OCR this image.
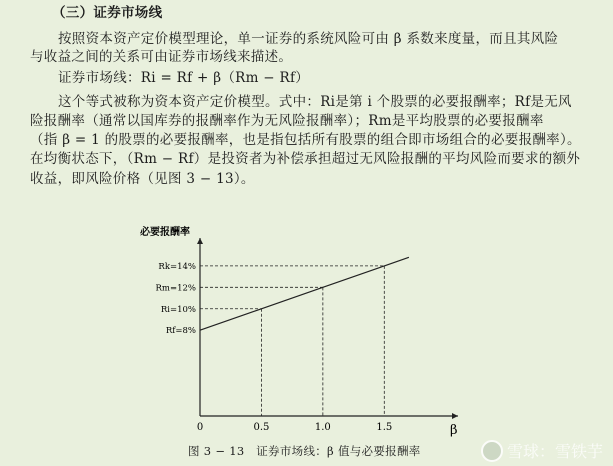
（三）证券市场线
按照资本资产定价模型理论，单一证券的系统风险可由 β 系数来度量，而且其风险
与收益之间的关系可由证券市场线来描述。
证券市场线：Ri = Rf + β（Rm − Rf）
这个等式被称为资本资产定价模型。式中：Ri是第 i 个股票的必要报酬率；Rf是无风
险报酬率（通常以国库券的报酬率作为无风险报酬率）；Rm是平均股票的必要报酬率
（指 β = 1 的股票的必要报酬率，也是指包括所有股票的组合即市场组合的必要报酬率）。
在均衡状态下，（Rm − Rf）是投资者为补偿承担超过无风险报酬的平均风险而要求的额外
收益，即风险价格（见图 3 − 13）。
必要报酬率
β
0	0.5	1.0	1.5
Rf=8%
Ri=10%
Rm=12%
Rk=14%
图 3 − 13　证券市场线：β 值与必要报酬率	雪球：雪铁芋
